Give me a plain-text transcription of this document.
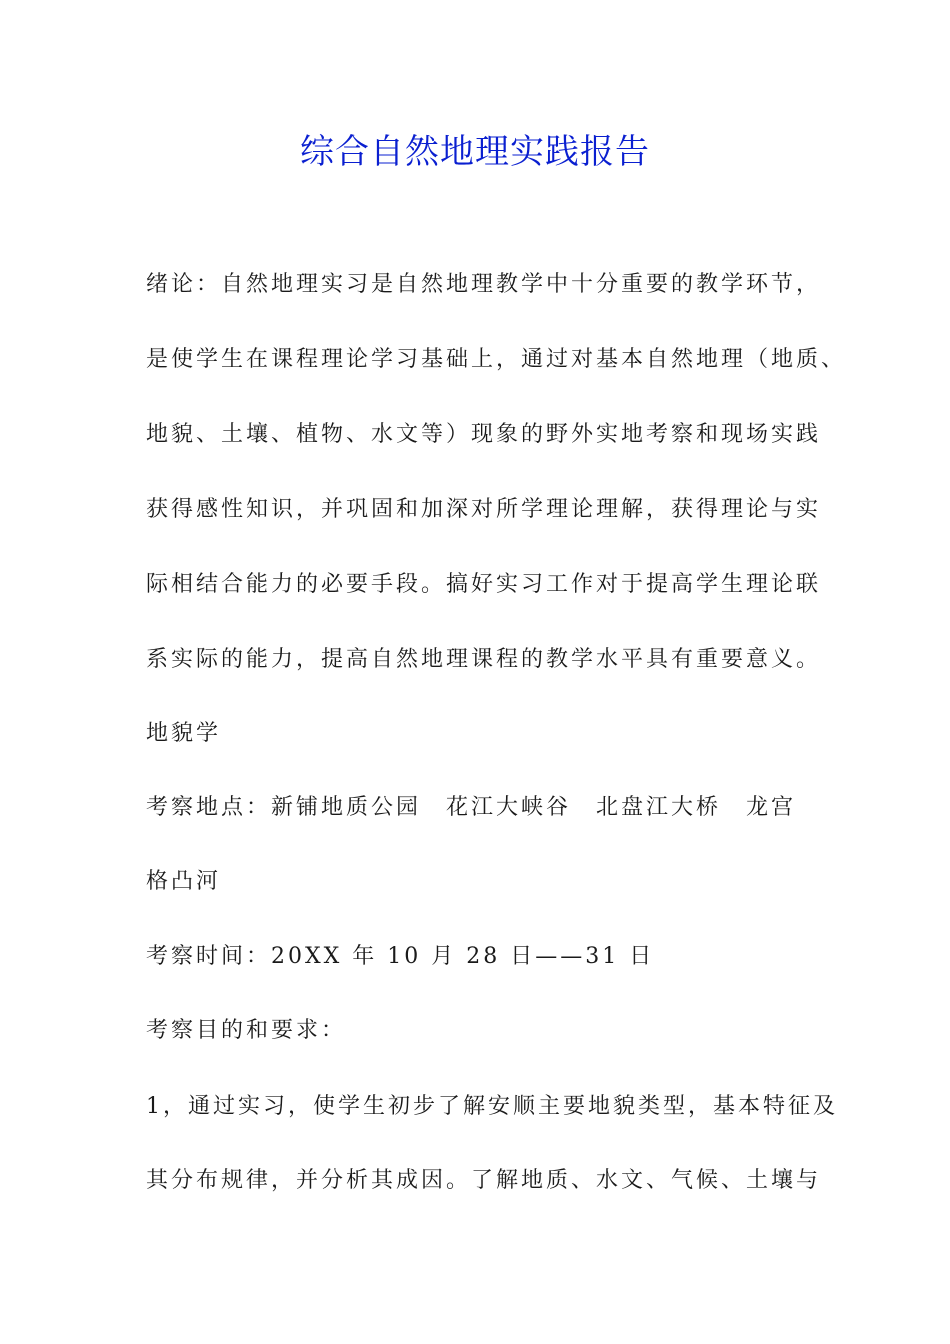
综合自然地理实践报告
绪论：自然地理实习是自然地理教学中十分重要的教学环节，
是使学生在课程理论学习基础上，通过对基本自然地理（地质、
地貌、土壤、植物、水文等）现象的野外实地考察和现场实践
获得感性知识，并巩固和加深对所学理论理解，获得理论与实
际相结合能力的必要手段。搞好实习工作对于提高学生理论联
系实际的能力，提高自然地理课程的教学水平具有重要意义。
地貌学
考察地点：新铺地质公园　花江大峡谷　北盘江大桥　龙宫
格凸河
考察时间：20XX 年 10 月 28 日——31 日
考察目的和要求：
1，通过实习，使学生初步了解安顺主要地貌类型，基本特征及
其分布规律，并分析其成因。了解地质、水文、气候、土壤与
